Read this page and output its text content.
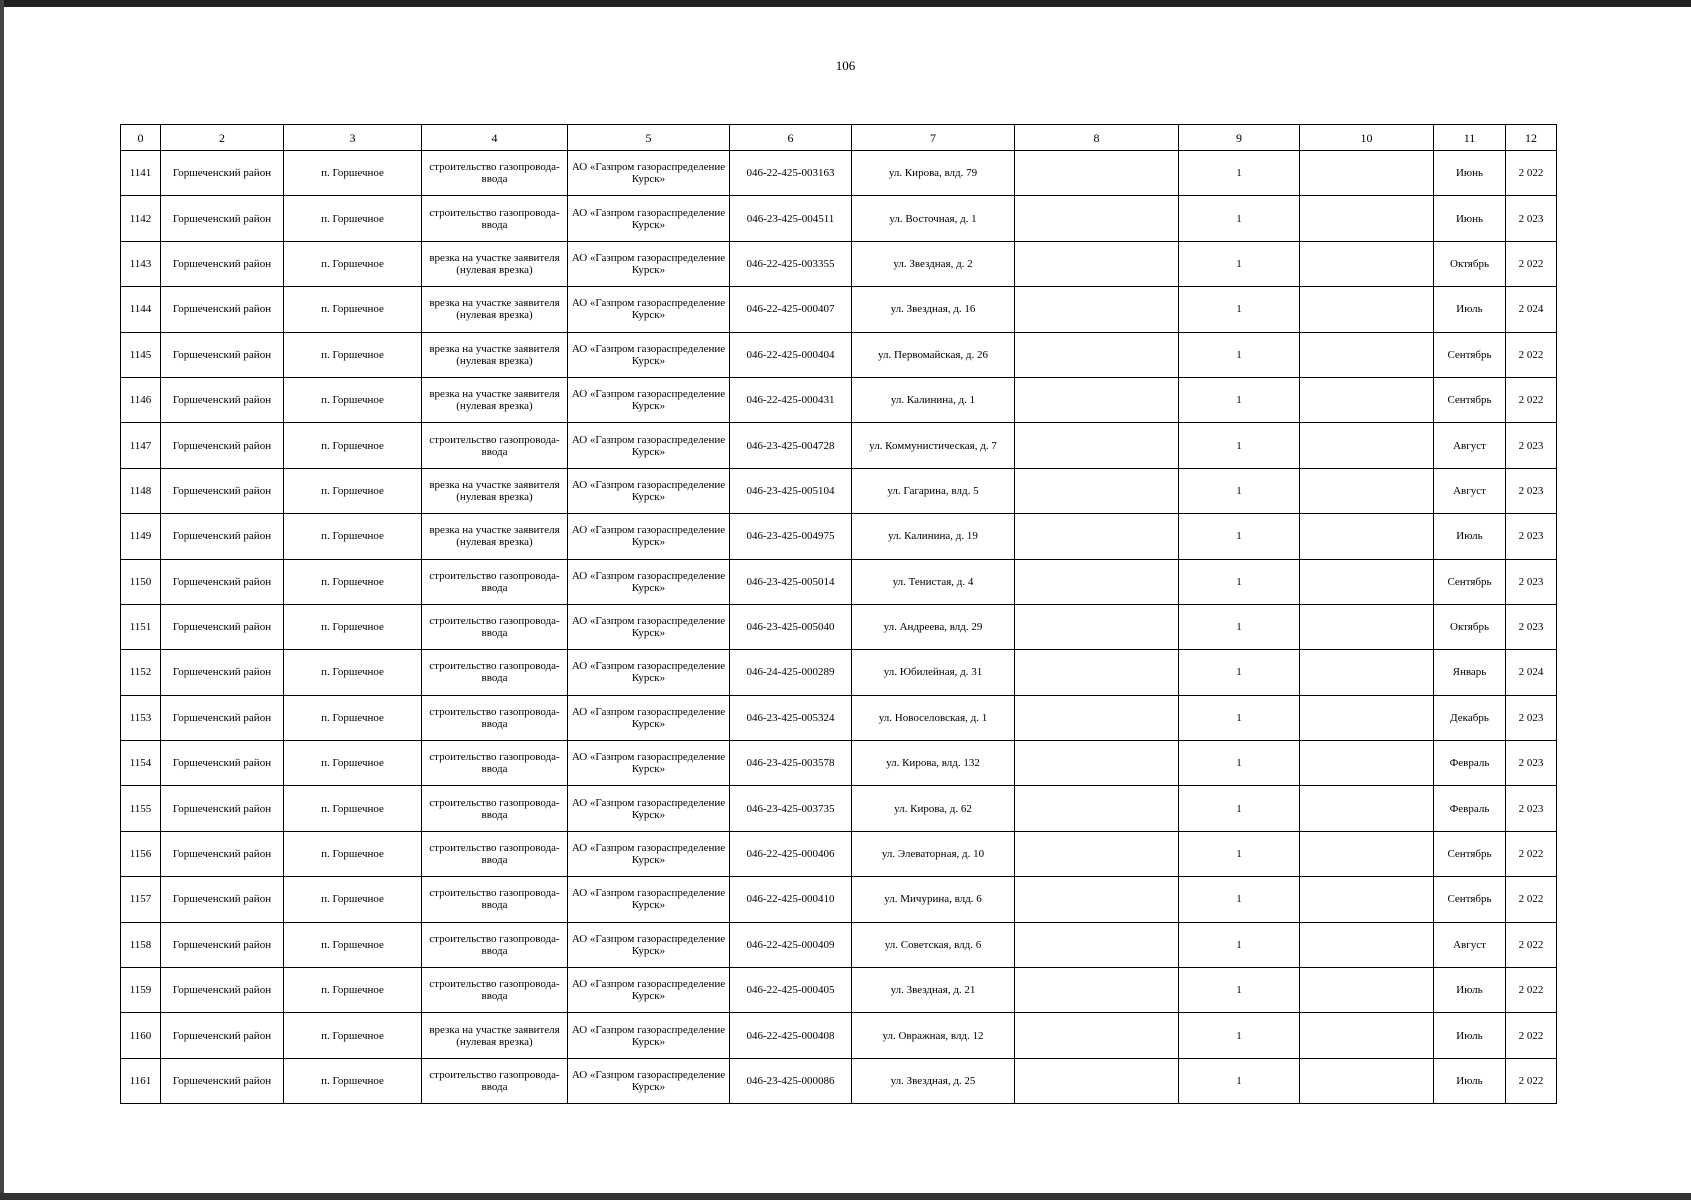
106
0	2	3	4	5	6	7	8	9	10	11	12
1141	Горшеченский район	п. Горшечное	строительство газопровода-ввода	АО «Газпром газораспределение Курск»	046-22-425-003163	ул. Кирова, влд. 79		1		Июнь	2 022
1142	Горшеченский район	п. Горшечное	строительство газопровода-ввода	АО «Газпром газораспределение Курск»	046-23-425-004511	ул. Восточная, д. 1		1		Июнь	2 023
1143	Горшеченский район	п. Горшечное	врезка на участке заявителя (нулевая врезка)	АО «Газпром газораспределение Курск»	046-22-425-003355	ул. Звездная, д. 2		1		Октябрь	2 022
1144	Горшеченский район	п. Горшечное	врезка на участке заявителя (нулевая врезка)	АО «Газпром газораспределение Курск»	046-22-425-000407	ул. Звездная, д. 16		1		Июль	2 024
1145	Горшеченский район	п. Горшечное	врезка на участке заявителя (нулевая врезка)	АО «Газпром газораспределение Курск»	046-22-425-000404	ул. Первомайская, д. 26		1		Сентябрь	2 022
1146	Горшеченский район	п. Горшечное	врезка на участке заявителя (нулевая врезка)	АО «Газпром газораспределение Курск»	046-22-425-000431	ул. Калинина, д. 1		1		Сентябрь	2 022
1147	Горшеченский район	п. Горшечное	строительство газопровода-ввода	АО «Газпром газораспределение Курск»	046-23-425-004728	ул. Коммунистическая, д. 7		1		Август	2 023
1148	Горшеченский район	п. Горшечное	врезка на участке заявителя (нулевая врезка)	АО «Газпром газораспределение Курск»	046-23-425-005104	ул. Гагарина, влд. 5		1		Август	2 023
1149	Горшеченский район	п. Горшечное	врезка на участке заявителя (нулевая врезка)	АО «Газпром газораспределение Курск»	046-23-425-004975	ул. Калинина, д. 19		1		Июль	2 023
1150	Горшеченский район	п. Горшечное	строительство газопровода-ввода	АО «Газпром газораспределение Курск»	046-23-425-005014	ул. Тенистая, д. 4		1		Сентябрь	2 023
1151	Горшеченский район	п. Горшечное	строительство газопровода-ввода	АО «Газпром газораспределение Курск»	046-23-425-005040	ул. Андреева, влд. 29		1		Октябрь	2 023
1152	Горшеченский район	п. Горшечное	строительство газопровода-ввода	АО «Газпром газораспределение Курск»	046-24-425-000289	ул. Юбилейная, д. 31		1		Январь	2 024
1153	Горшеченский район	п. Горшечное	строительство газопровода-ввода	АО «Газпром газораспределение Курск»	046-23-425-005324	ул. Новоселовская, д. 1		1		Декабрь	2 023
1154	Горшеченский район	п. Горшечное	строительство газопровода-ввода	АО «Газпром газораспределение Курск»	046-23-425-003578	ул. Кирова, влд. 132		1		Февраль	2 023
1155	Горшеченский район	п. Горшечное	строительство газопровода-ввода	АО «Газпром газораспределение Курск»	046-23-425-003735	ул. Кирова, д. 62		1		Февраль	2 023
1156	Горшеченский район	п. Горшечное	строительство газопровода-ввода	АО «Газпром газораспределение Курск»	046-22-425-000406	ул. Элеваторная, д. 10		1		Сентябрь	2 022
1157	Горшеченский район	п. Горшечное	строительство газопровода-ввода	АО «Газпром газораспределение Курск»	046-22-425-000410	ул. Мичурина, влд. 6		1		Сентябрь	2 022
1158	Горшеченский район	п. Горшечное	строительство газопровода-ввода	АО «Газпром газораспределение Курск»	046-22-425-000409	ул. Советская, влд. 6		1		Август	2 022
1159	Горшеченский район	п. Горшечное	строительство газопровода-ввода	АО «Газпром газораспределение Курск»	046-22-425-000405	ул. Звездная, д. 21		1		Июль	2 022
1160	Горшеченский район	п. Горшечное	врезка на участке заявителя (нулевая врезка)	АО «Газпром газораспределение Курск»	046-22-425-000408	ул. Овражная, влд. 12		1		Июль	2 022
1161	Горшеченский район	п. Горшечное	строительство газопровода-ввода	АО «Газпром газораспределение Курск»	046-23-425-000086	ул. Звездная, д. 25		1		Июль	2 022
